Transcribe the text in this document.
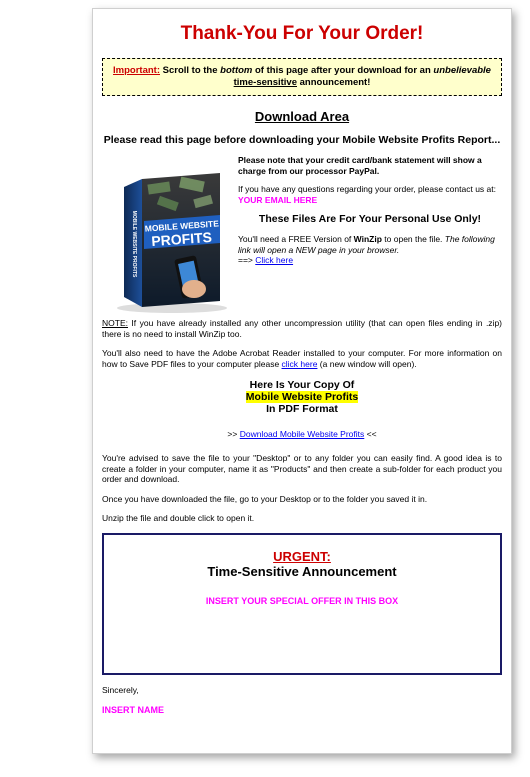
Thank-You For Your Order!
Important: Scroll to the bottom of this page after your download for an unbelievable time-sensitive announcement!
Download Area
Please read this page before downloading your Mobile Website Profits Report...
MOBILE WEBSITE
PROFITS
MOBILE WEBSITE PROFITS

Please note that your credit card/bank statement will show a charge from our processor PayPal.

If you have any questions regarding your order, please contact us at: YOUR EMAIL HERE

These Files Are For Your Personal Use Only!

You'll need a FREE Version of WinZip to open the file. The following link will open a NEW page in your browser.
==> Click here

NOTE: If you have already installed any other uncompression utility (that can open files ending in .zip) there is no need to install WinZip too.

You'll also need to have the Adobe Acrobat Reader installed to your computer. For more information on how to Save PDF files to your computer please click here (a new window will open).

Here Is Your Copy Of
Mobile Website Profits
In PDF Format
>> Download Mobile Website Profits <<

You're advised to save the file to your "Desktop" or to any folder you can easily find. A good idea is to create a folder in your computer, name it as "Products" and then create a sub-folder for each product you order and download.

Once you have downloaded the file, go to your Desktop or to the folder you saved it in.

Unzip the file and double click to open it.

URGENT:
Time-Sensitive Announcement
INSERT YOUR SPECIAL OFFER IN THIS BOX
Sincerely,
INSERT NAME
